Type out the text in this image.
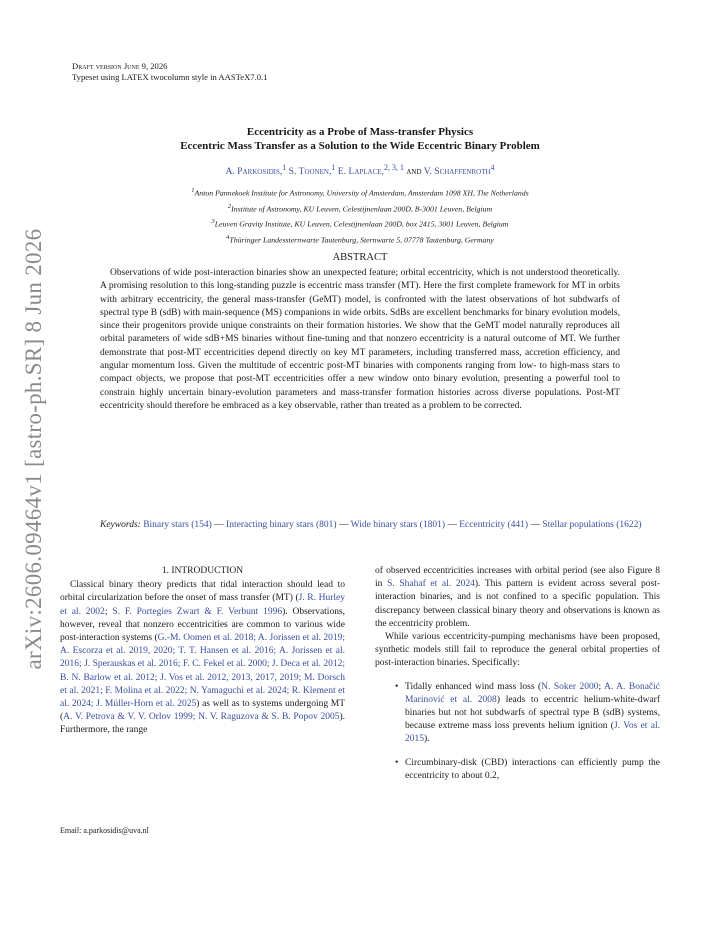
arXiv:2606.09464v1 [astro-ph.SR] 8 Jun 2026
Draft version June 9, 2026
Typeset using LATEX twocolumn style in AASTeX7.0.1
Eccentricity as a Probe of Mass-transfer Physics
Eccentric Mass Transfer as a Solution to the Wide Eccentric Binary Problem
A. Parkosidis,$^1$ S. Toonen,$^1$ E. Laplace,$^{2, 3, 1}$ and V. Schaffenroth$^4$
$^1$Anton Pannekoek Institute for Astronomy, University of Amsterdam, Amsterdam 1098 XH, The Netherlands
$^2$Institute of Astronomy, KU Leuven, Celestijnenlaan 200D, B-3001 Leuven, Belgium
$^3$Leuven Gravity Institute, KU Leuven, Celestijnenlaan 200D, box 2415, 3001 Leuven, Belgium
$^4$Thüringer Landessternwarte Tautenburg, Sternwarte 5, 07778 Tautenburg, Germany
ABSTRACT

Observations of wide post-interaction binaries show an unexpected feature; orbital eccentricity, which is not understood theoretically. A promising resolution to this long-standing puzzle is eccentric mass transfer (MT). Here the first complete framework for MT in orbits with arbitrary eccentricity, the general mass-transfer (GeMT) model, is confronted with the latest observations of hot subdwarfs of spectral type B (sdB) with main-sequence (MS) companions in wide orbits. SdBs are excellent benchmarks for binary evolution models, since their progenitors provide unique constraints on their formation histories. We show that the GeMT model naturally reproduces all orbital parameters of wide sdB+MS binaries without fine-tuning and that nonzero eccentricity is a natural outcome of MT. We further demonstrate that post-MT eccentricities depend directly on key MT parameters, including transferred mass, accretion efficiency, and angular momentum loss. Given the multitude of eccentric post-MT binaries with components ranging from low- to high-mass stars to compact objects, we propose that post-MT eccentricities offer a new window onto binary evolution, presenting a powerful tool to constrain highly uncertain binary-evolution parameters and mass-transfer formation histories across diverse populations. Post-MT eccentricity should therefore be embraced as a key observable, rather than treated as a problem to be corrected.

Keywords: Binary stars (154) — Interacting binary stars (801) — Wide binary stars (1801) — Eccentricity (441) — Stellar populations (1622)
1. INTRODUCTION

Classical binary theory predicts that tidal interaction should lead to orbital circularization before the onset of mass transfer (MT) (J. R. Hurley et al. 2002; S. F. Portegies Zwart & F. Verbunt 1996). Observations, however, reveal that nonzero eccentricities are common to various wide post-interaction systems (G.-M. Oomen et al. 2018; A. Jorissen et al. 2019; A. Escorza et al. 2019, 2020; T. T. Hansen et al. 2016; A. Jorissen et al. 2016; J. Sperauskas et al. 2016; F. C. Fekel et al. 2000; J. Deca et al. 2012; B. N. Barlow et al. 2012; J. Vos et al. 2012, 2013, 2017, 2019; M. Dorsch et al. 2021; F. Molina et al. 2022; N. Yamaguchi et al. 2024; R. Klement et al. 2024; J. Müller-Horn et al. 2025) as well as to systems undergoing MT (A. V. Petrova & V. V. Orlov 1999; N. V. Raguzova & S. B. Popov 2005). Furthermore, the range

of observed eccentricities increases with orbital period (see also Figure 8 in S. Shahaf et al. 2024). This pattern is evident across several post-interaction binaries, and is not confined to a specific population. This discrepancy between classical binary theory and observations is known as the eccentricity problem.

While various eccentricity-pumping mechanisms have been proposed, synthetic models still fail to reproduce the general orbital properties of post-interaction binaries. Specifically:

• Tidally enhanced wind mass loss (N. Soker 2000; A. A. Bonačić Marinović et al. 2008) leads to eccentric helium-white-dwarf binaries but not hot subdwarfs of spectral type B (sdB) systems, because extreme mass loss prevents helium ignition (J. Vos et al. 2015).
• Circumbinary-disk (CBD) interactions can efficiently pump the eccentricity to about 0.2,
Email: a.parkosidis@uva.nl
